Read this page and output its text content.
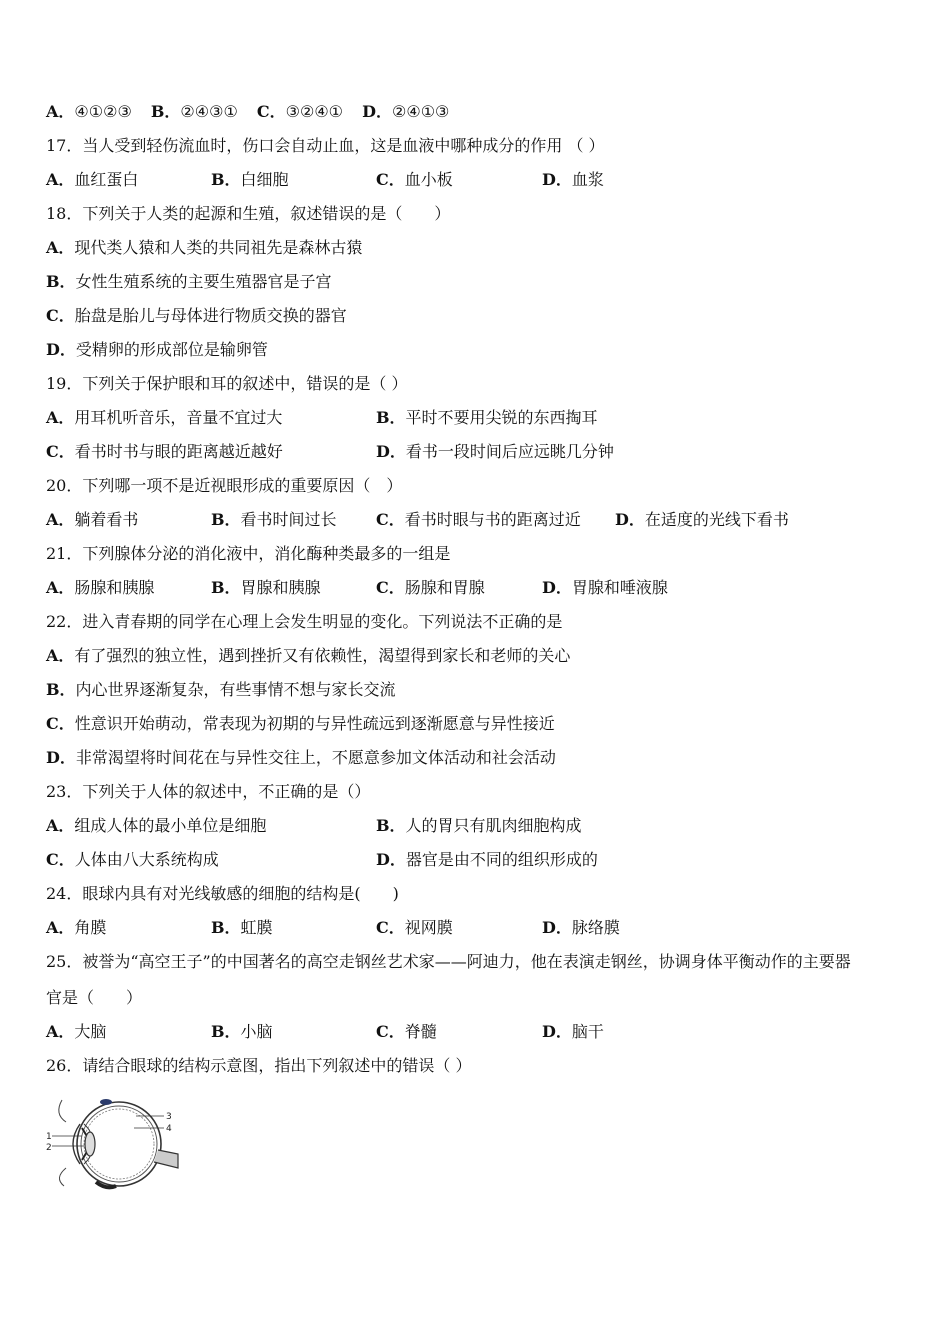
A．④①②③ B．②④③① C．③②④① D．②④①③
17．当人受到轻伤流血时，伤口会自动止血，这是血液中哪种成分的作用 （ ）
A．血红蛋白	B．白细胞	C．血小板	D．血浆
18．下列关于人类的起源和生殖，叙述错误的是（　　）
A．现代类人猿和人类的共同祖先是森林古猿
B．女性生殖系统的主要生殖器官是子宫
C．胎盘是胎儿与母体进行物质交换的器官
D．受精卵的形成部位是输卵管
19．下列关于保护眼和耳的叙述中，错误的是（ ）
A．用耳机听音乐，音量不宜过大	B．平时不要用尖锐的东西掏耳
C．看书时书与眼的距离越近越好	D．看书一段时间后应远眺几分钟
20．下列哪一项不是近视眼形成的重要原因（　）
A．躺着看书	B．看书时间过长 C．看书时眼与书的距离过近 D．在适度的光线下看书
21．下列腺体分泌的消化液中，消化酶种类最多的一组是
A．肠腺和胰腺	B．胃腺和胰腺	C．肠腺和胃腺	D．胃腺和唾液腺
22．进入青春期的同学在心理上会发生明显的变化。下列说法不正确的是
A．有了强烈的独立性，遇到挫折又有依赖性，渴望得到家长和老师的关心
B．内心世界逐渐复杂，有些事情不想与家长交流
C．性意识开始萌动，常表现为初期的与异性疏远到逐渐愿意与异性接近
D．非常渴望将时间花在与异性交往上，不愿意参加文体活动和社会活动
23．下列关于人体的叙述中，不正确的是（）
A．组成人体的最小单位是细胞	B．人的胃只有肌肉细胞构成
C．人体由八大系统构成	D．器官是由不同的组织形成的
24．眼球内具有对光线敏感的细胞的结构是(　　)
A．角膜	B．虹膜	C．视网膜	D．脉络膜
25．被誉为“高空王子”的中国著名的高空走钢丝艺术家——阿迪力，他在表演走钢丝，协调身体平衡动作的主要器
官是（　　）
A．大脑	B．小脑	C．脊髓	D．脑干
26．请结合眼球的结构示意图，指出下列叙述中的错误（ ）
1
2
3
4
